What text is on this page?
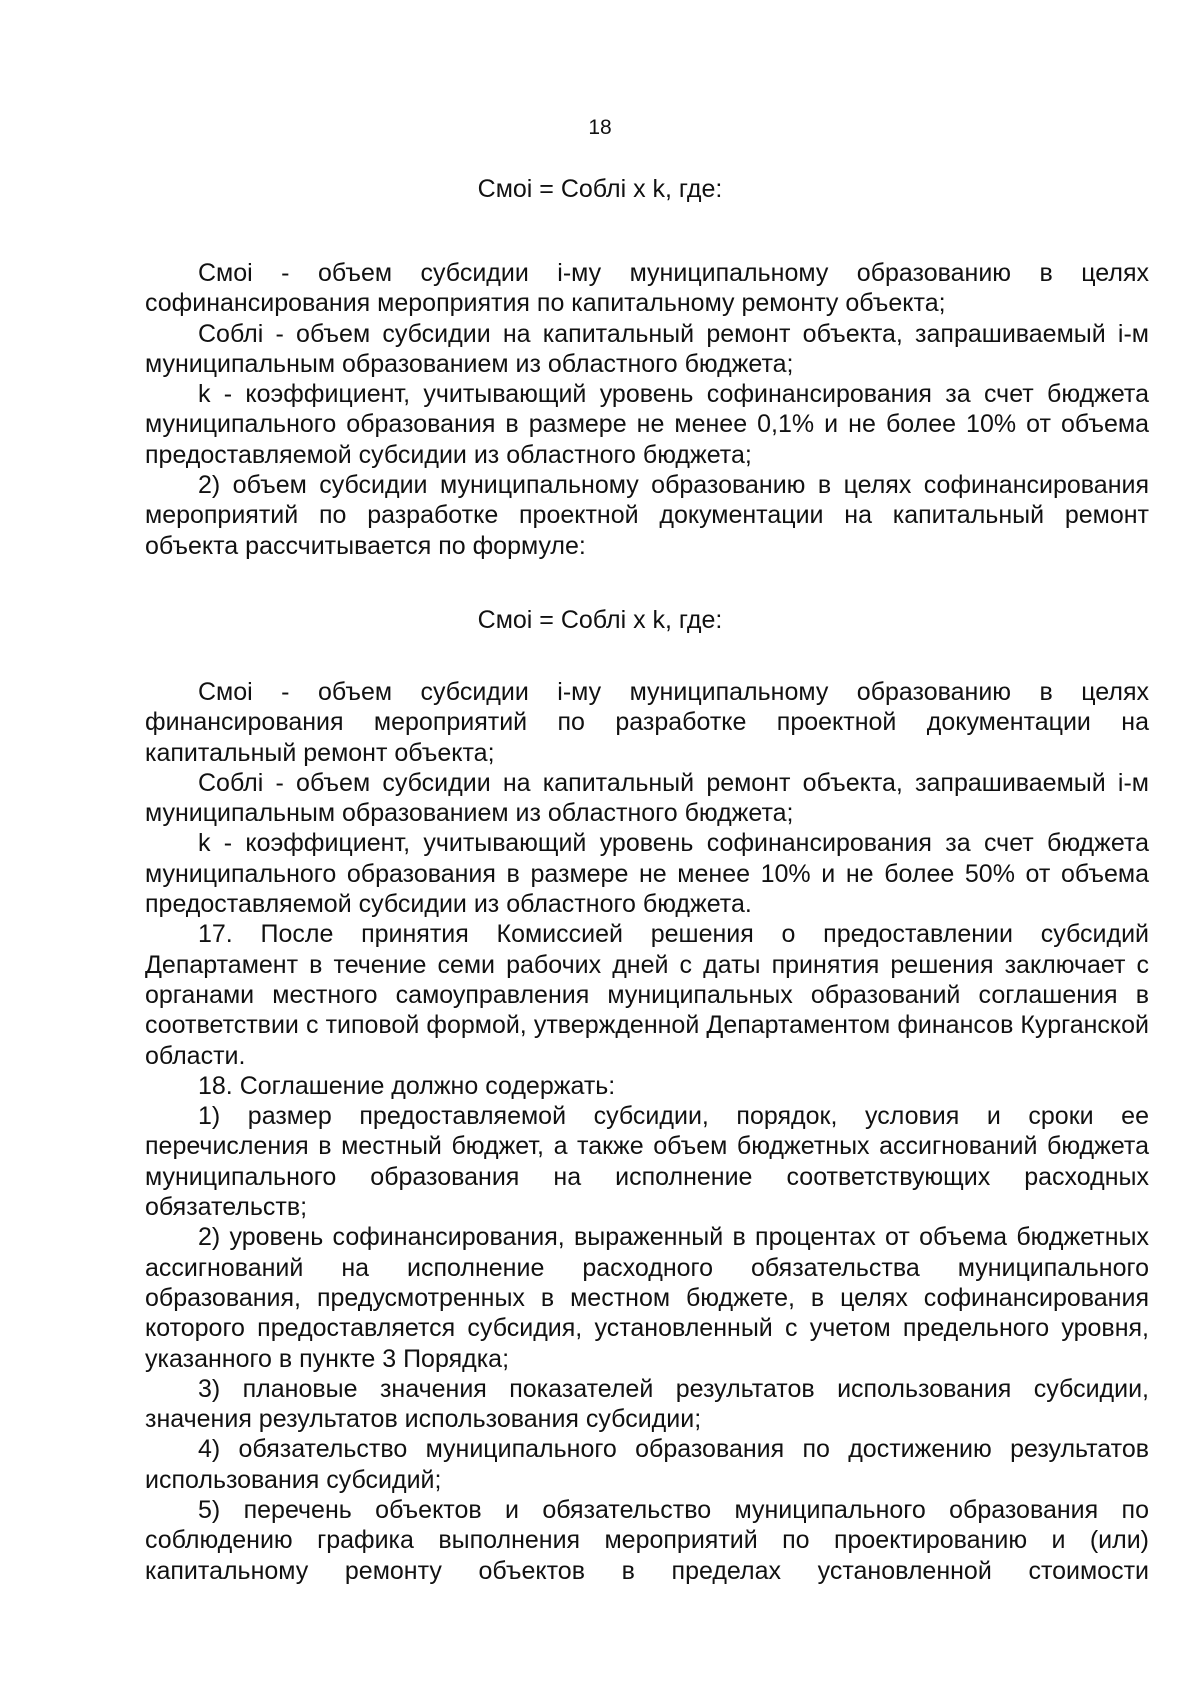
18
Смоi = Соблi x k, где:

Смоi - объем субсидии i-му муниципальному образованию в целях софинансирования мероприятия по капитальному ремонту объекта;

Соблi - объем субсидии на капитальный ремонт объекта, запрашиваемый i-м муниципальным образованием из областного бюджета;

k - коэффициент, учитывающий уровень софинансирования за счет бюджета муниципального образования в размере не менее 0,1% и не более 10% от объема предоставляемой субсидии из областного бюджета;

2) объем субсидии муниципальному образованию в целях софинансирования мероприятий по разработке проектной документации на капитальный ремонт объекта рассчитывается по формуле:

Смоi = Соблi x k, где:

Смоi - объем субсидии i-му муниципальному образованию в целях финансирования мероприятий по разработке проектной документации на капитальный ремонт объекта;

Соблi - объем субсидии на капитальный ремонт объекта, запрашиваемый i-м муниципальным образованием из областного бюджета;

k - коэффициент, учитывающий уровень софинансирования за счет бюджета муниципального образования в размере не менее 10% и не более 50% от объема предоставляемой субсидии из областного бюджета.

17. После принятия Комиссией решения о предоставлении субсидий Департамент в течение семи рабочих дней с даты принятия решения заключает с органами местного самоуправления муниципальных образований соглашения в соответствии с типовой формой, утвержденной Департаментом финансов Курганской области.

18. Соглашение должно содержать:

1) размер предоставляемой субсидии, порядок, условия и сроки ее перечисления в местный бюджет, а также объем бюджетных ассигнований бюджета муниципального образования на исполнение соответствующих расходных обязательств;

2) уровень софинансирования, выраженный в процентах от объема бюджетных ассигнований на исполнение расходного обязательства муниципального образования, предусмотренных в местном бюджете, в целях софинансирования которого предоставляется субсидия, установленный с учетом предельного уровня, указанного в пункте 3 Порядка;

3) плановые значения показателей результатов использования субсидии, значения результатов использования субсидии;

4) обязательство муниципального образования по достижению результатов использования субсидий;

5) перечень объектов и обязательство муниципального образования по соблюдению графика выполнения мероприятий по проектированию и (или) капитальному ремонту объектов в пределах установленной стоимости
